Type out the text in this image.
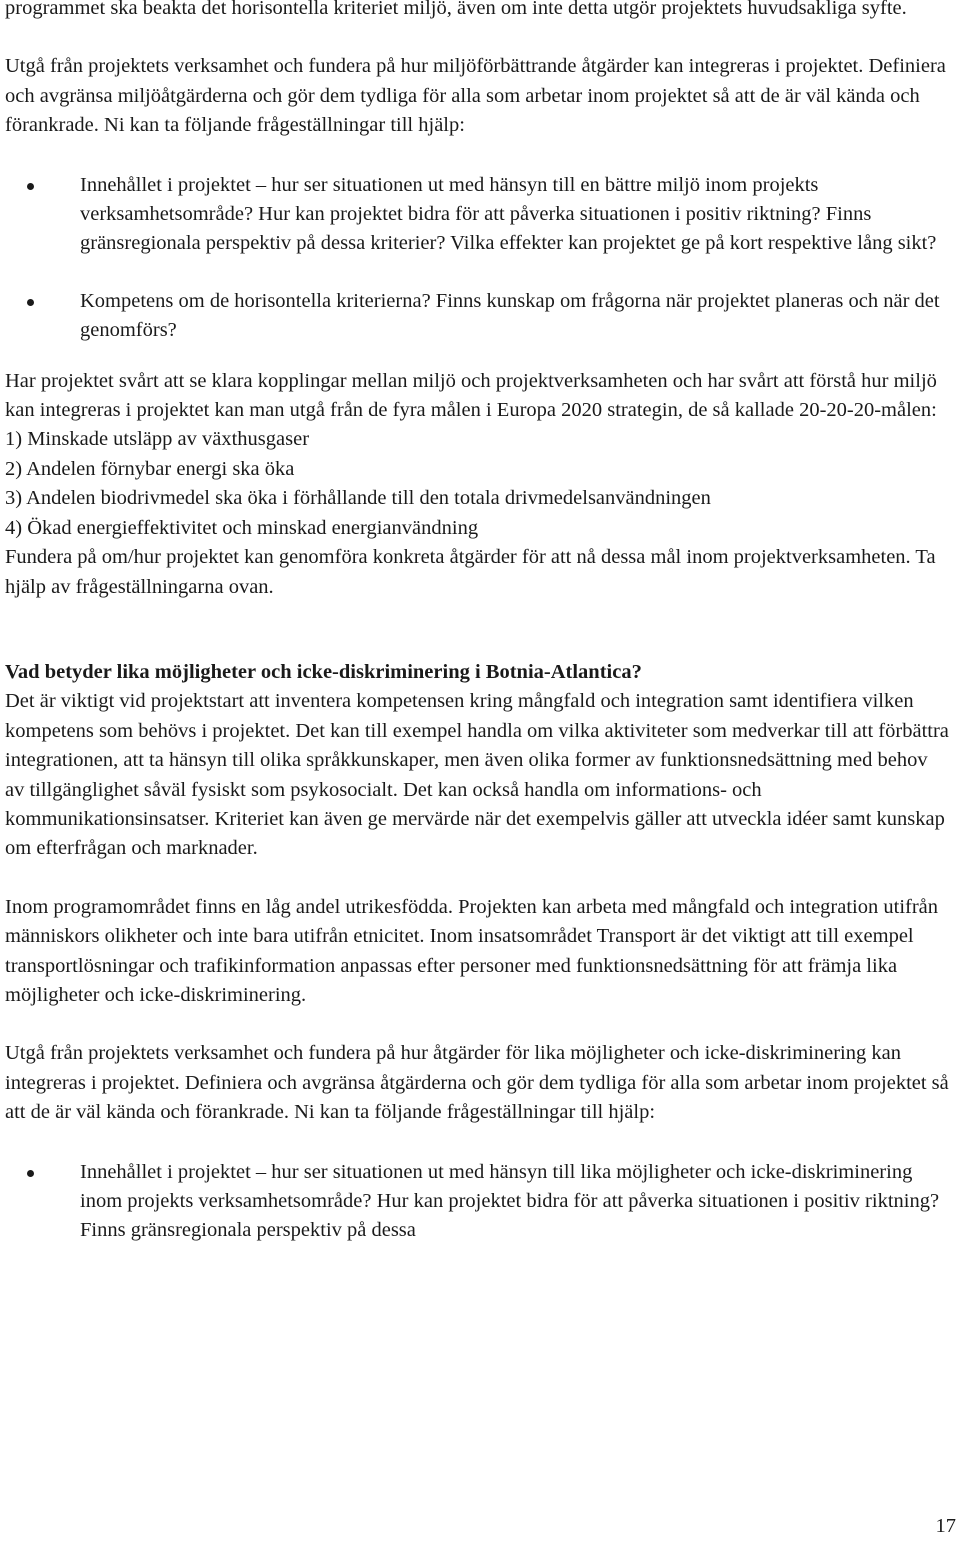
programmet ska beakta det horisontella kriteriet miljö, även om inte detta utgör projektets huvudsakliga syfte.

Utgå från projektets verksamhet och fundera på hur miljöförbättrande åtgärder kan integreras i projektet. Definiera och avgränsa miljöåtgärderna och gör dem tydliga för alla som arbetar inom projektet så att de är väl kända och förankrade. Ni kan ta följande frågeställningar till hjälp:

Innehållet i projektet – hur ser situationen ut med hänsyn till en bättre miljö inom projekts verksamhetsområde? Hur kan projektet bidra för att påverka situationen i positiv riktning? Finns gränsregionala perspektiv på dessa kriterier? Vilka effekter kan projektet ge på kort respektive lång sikt?
Kompetens om de horisontella kriterierna? Finns kunskap om frågorna när projektet planeras och när det genomförs?

Har projektet svårt att se klara kopplingar mellan miljö och projektverksamheten och har svårt att förstå hur miljö kan integreras i projektet kan man utgå från de fyra målen i Europa 2020 strategin, de så kallade 20-20-20-målen:

1) Minskade utsläpp av växthusgaser

2) Andelen förnybar energi ska öka

3) Andelen biodrivmedel ska öka i förhållande till den totala drivmedelsanvändningen

4) Ökad energieffektivitet och minskad energianvändning

Fundera på om/hur projektet kan genomföra konkreta åtgärder för att nå dessa mål inom projektverksamheten. Ta hjälp av frågeställningarna ovan.

Vad betyder lika möjligheter och icke-diskriminering i Botnia-Atlantica?

Det är viktigt vid projektstart att inventera kompetensen kring mångfald och integration samt identifiera vilken kompetens som behövs i projektet. Det kan till exempel handla om vilka aktiviteter som medverkar till att förbättra integrationen, att ta hänsyn till olika språkkunskaper, men även olika former av funktionsnedsättning med behov av tillgänglighet såväl fysiskt som psykosocialt. Det kan också handla om informations- och kommunikationsinsatser. Kriteriet kan även ge mervärde när det exempelvis gäller att utveckla idéer samt kunskap om efterfrågan och marknader.

Inom programområdet finns en låg andel utrikesfödda. Projekten kan arbeta med mångfald och integration utifrån människors olikheter och inte bara utifrån etnicitet. Inom insatsområdet Transport är det viktigt att till exempel transportlösningar och trafikinformation anpassas efter personer med funktionsnedsättning för att främja lika möjligheter och icke-diskriminering.

Utgå från projektets verksamhet och fundera på hur åtgärder för lika möjligheter och icke-diskriminering kan integreras i projektet. Definiera och avgränsa åtgärderna och gör dem tydliga för alla som arbetar inom projektet så att de är väl kända och förankrade. Ni kan ta följande frågeställningar till hjälp:

Innehållet i projektet – hur ser situationen ut med hänsyn till lika möjligheter och icke-diskriminering inom projekts verksamhetsområde? Hur kan projektet bidra för att påverka situationen i positiv riktning? Finns gränsregionala perspektiv på dessa
17
